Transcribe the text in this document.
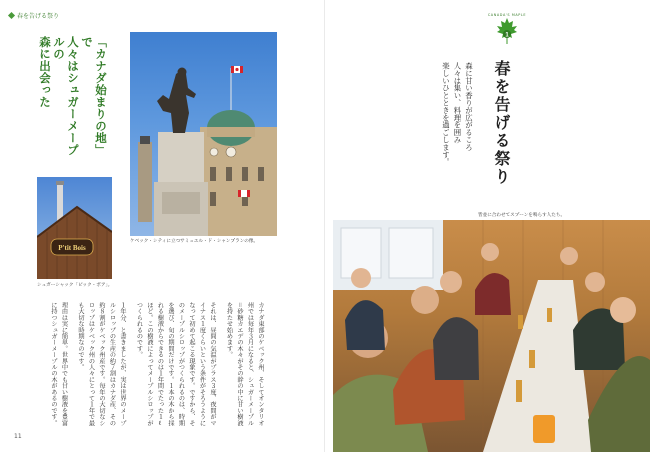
春を告げる祭り
「カナダ始まりの地」で
人々はシュガーメープルの
森に出会った
ケベック・シティに立つサミュエル・ド・シャンプランの像。
P'tit Bois
シュガーシャック「ピック・ボア」。

カナダ東部のケベック州、そしてオンタリオ州では毎年３月になると、シュガーメープル＝砂糖カエデの木々がその幹の中に甘い樹液を持たせ始めます。

それは、昼間の気温がプラス３度、夜間がマイナス１度くらいという条件がそろうようになって初めて起こる現象です。ですから、そのメープルシロップがつくられるのは、時期を選び、旬の期間だけです。１本の木から採れる樹液からできるのは１年間でたった１ℓほど。この樹液によってメープルシロップがつくられるのです。

１年分、と書きましたが、実は世界のメープルシロップの生産の約７割はカナダ産、その約８割がケベック州産です。毎年の大切なシロップはケベック州の人々にとって１年で最も大切な時期なのです。

理由は実に簡単。世界中でも甘い樹液を豊富に持つシュガーメープルの木があるのです。

11
CANADA'S MAPLE
1
春を告げる祭り

森に甘い香りが広がるころ

人々は集い、料理を囲み

楽しいひとときを過ごします。

皆並に合わせてスプーンを鳴らす人たち。
